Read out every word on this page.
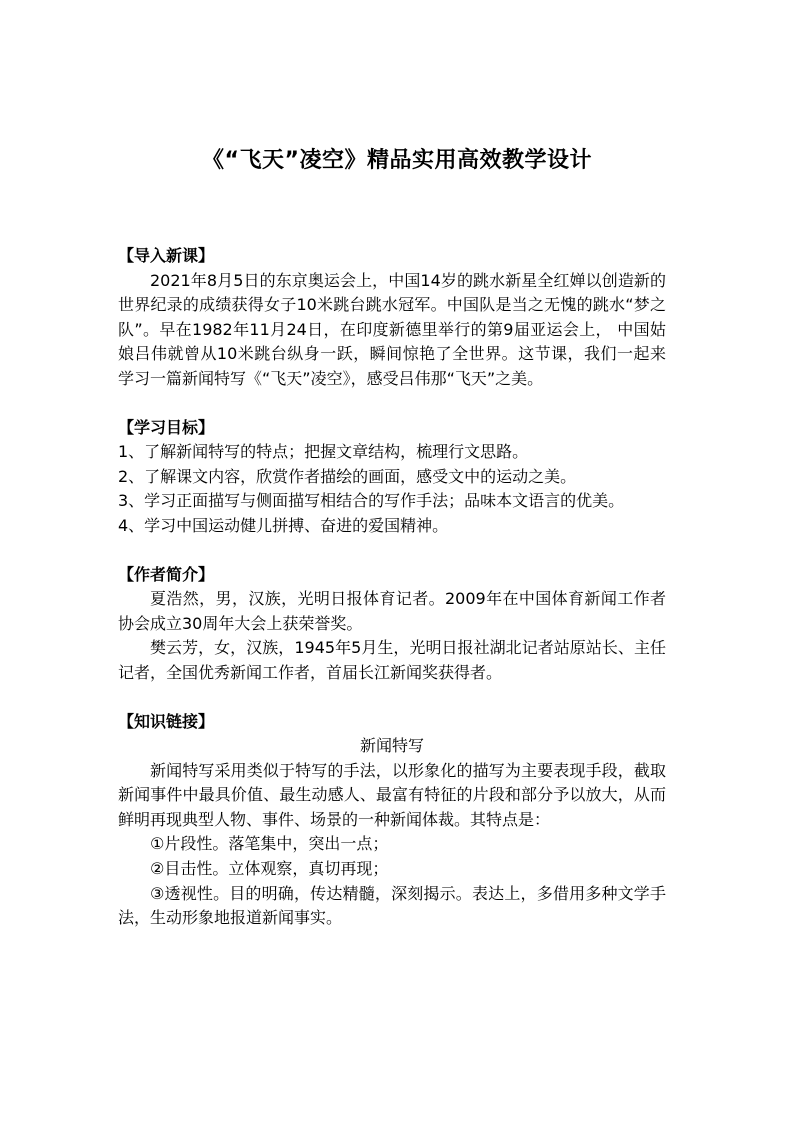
《“飞天”凌空》精品实用高效教学设计

【导入新课】

2021年8月5日的东京奥运会上，中国14岁的跳水新星全红婵以创造新的世界纪录的成绩获得女子10米跳台跳水冠军。中国队是当之无愧的跳水“梦之队”。早在1982年11月24日，在印度新德里举行的第9届亚运会上， 中国姑娘吕伟就曾从10米跳台纵身一跃，瞬间惊艳了全世界。这节课，我们一起来学习一篇新闻特写《“飞天”凌空》，感受吕伟那“飞天”之美。

【学习目标】

1、了解新闻特写的特点；把握文章结构，梳理行文思路。

2、了解课文内容，欣赏作者描绘的画面，感受文中的运动之美。

3、学习正面描写与侧面描写相结合的写作手法；品味本文语言的优美。

4、学习中国运动健儿拼搏、奋进的爱国精神。

【作者简介】

夏浩然，男，汉族，光明日报体育记者。2009年在中国体育新闻工作者协会成立30周年大会上获荣誉奖。

樊云芳，女，汉族，1945年5月生，光明日报社湖北记者站原站长、主任记者，全国优秀新闻工作者，首届长江新闻奖获得者。

【知识链接】

新闻特写

新闻特写采用类似于特写的手法，以形象化的描写为主要表现手段，截取新闻事件中最具价值、最生动感人、最富有特征的片段和部分予以放大，从而鲜明再现典型人物、事件、场景的一种新闻体裁。其特点是：

①片段性。落笔集中，突出一点；

②目击性。立体观察，真切再现；

③透视性。目的明确，传达精髓，深刻揭示。表达上，多借用多种文学手法，生动形象地报道新闻事实。
